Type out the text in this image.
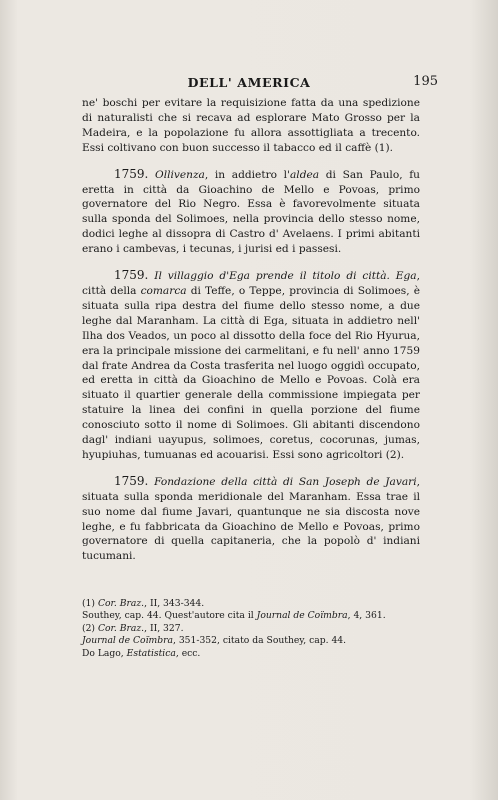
DELL' AMERICA	195

ne' boschi per evitare la requisizione fatta da una spedizione di naturalisti che si recava ad esplorare Mato Grosso per la Madeira, e la popolazione fu allora assottigliata a trecento. Essi coltivano con buon successo il tabacco ed il caffè (1).

1759. Ollivenza, in addietro l'aldea di San Paulo, fu eretta in città da Gioachino de Mello e Povoas, primo governatore del Rio Negro. Essa è favorevolmente situata sulla sponda del Solimoes, nella provincia dello stesso nome, dodici leghe al dissopra di Castro d' Avelaens. I primi abitanti erano i cambevas, i tecunas, i jurisi ed i passesi.

1759. Il villaggio d'Ega prende il titolo di città. Ega, città della comarca di Teffe, o Teppe, provincia di Solimoes, è situata sulla ripa destra del fiume dello stesso nome, a due leghe dal Maranham. La città di Ega, situata in addietro nell' Ilha dos Veados, un poco al dissotto della foce del Rio Hyurua, era la principale missione dei carmelitani, e fu nell' anno 1759 dal frate Andrea da Costa trasferita nel luogo oggidì occupato, ed eretta in città da Gioachino de Mello e Povoas. Colà era situato il quartier generale della commissione impiegata per statuire la linea dei confini in quella porzione del fiume conosciuto sotto il nome di Solimoes. Gli abitanti discendono dagl' indiani uayupus, solimoes, coretus, cocorunas, jumas, hyupiuhas, tumuanas ed acouarisi. Essi sono agricoltori (2).

1759. Fondazione della città di San Joseph de Javari, situata sulla sponda meridionale del Maranham. Essa trae il suo nome dal fiume Javari, quantunque ne sia discosta nove leghe, e fu fabbricata da Gioachino de Mello e Povoas, primo governatore di quella capitaneria, che la popolò d' indiani tucumani.

(1) Cor. Braz., II, 343-344.
Southey, cap. 44. Quest'autore cita il Journal de Coïmbra, 4, 361.
(2) Cor. Braz., II, 327.
Journal de Coïmbra, 351-352, citato da Southey, cap. 44.
Do Lago, Estatistica, ecc.
